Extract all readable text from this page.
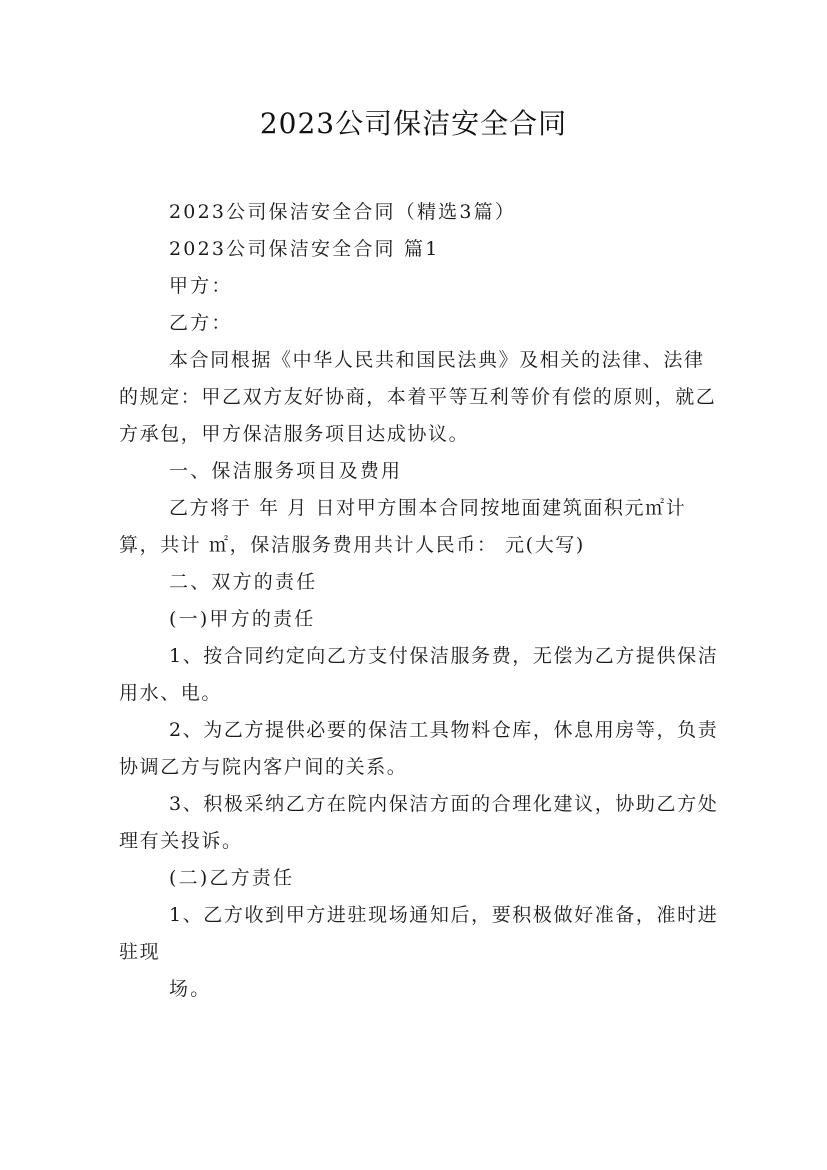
2023公司保洁安全合同

2023公司保洁安全合同（精选3篇）

2023公司保洁安全合同 篇1

甲方：

乙方：

本合同根据《中华人民共和国民法典》及相关的法律、法律的规定：甲乙双方友好协商，本着平等互利等价有偿的原则，就乙方承包，甲方保洁服务项目达成协议。

一、保洁服务项目及费用

乙方将于 年 月 日对甲方围本合同按地面建筑面积元㎡计算，共计 ㎡，保洁服务费用共计人民币： 元(大写)

二、双方的责任

(一)甲方的责任

1、按合同约定向乙方支付保洁服务费，无偿为乙方提供保洁用水、电。

2、为乙方提供必要的保洁工具物料仓库，休息用房等，负责协调乙方与院内客户间的关系。

3、积极采纳乙方在院内保洁方面的合理化建议，协助乙方处理有关投诉。

(二)乙方责任

1、乙方收到甲方进驻现场通知后，要积极做好准备，准时进驻现

场。
